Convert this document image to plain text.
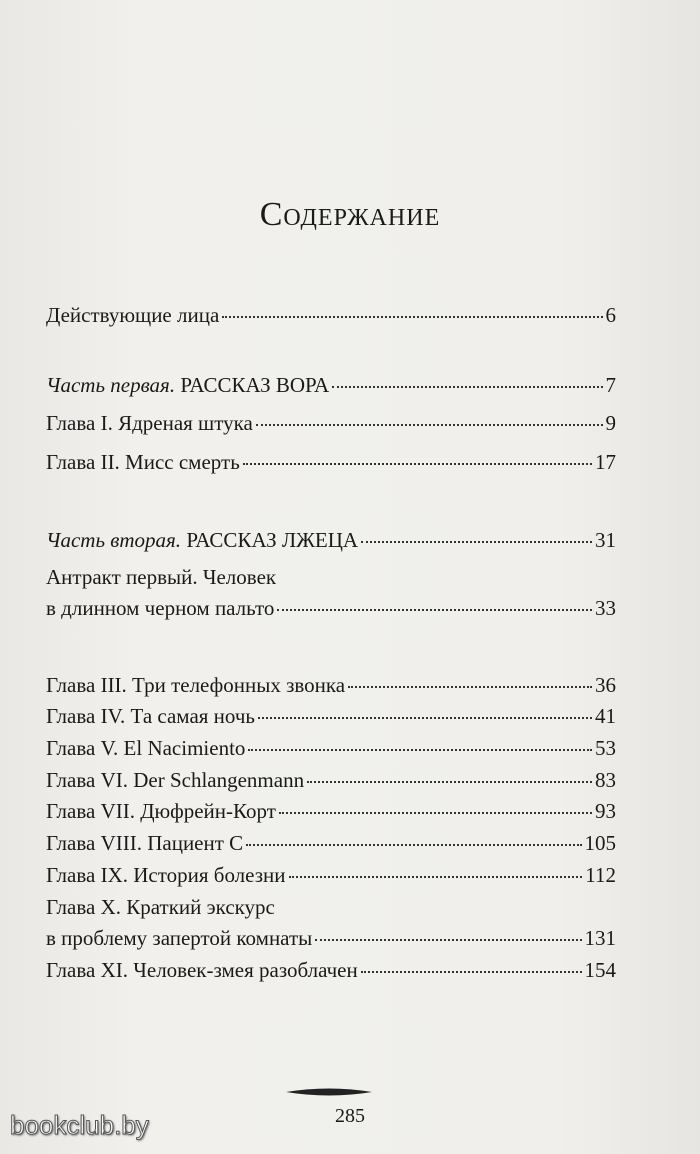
Содержание
Действующие лица	6
Часть первая. РАССКАЗ ВОРА	7
Глава I. Ядреная штука	9
Глава II. Мисс смерть	17
Часть вторая. РАССКАЗ ЛЖЕЦА	31
Антракт первый. Человек
в длинном черном пальто	33
Глава III. Три телефонных звонка	36
Глава IV. Та самая ночь	41
Глава V. El Nacimiento	53
Глава VI. Der Schlangenmann	83
Глава VII. Дюфрейн-Корт	93
Глава VIII. Пациент С	105
Глава IX. История болезни	112
Глава X. Краткий экскурс
в проблему запертой комнаты	131
Глава XI. Человек-змея разоблачен	154
285
bookclub.by
